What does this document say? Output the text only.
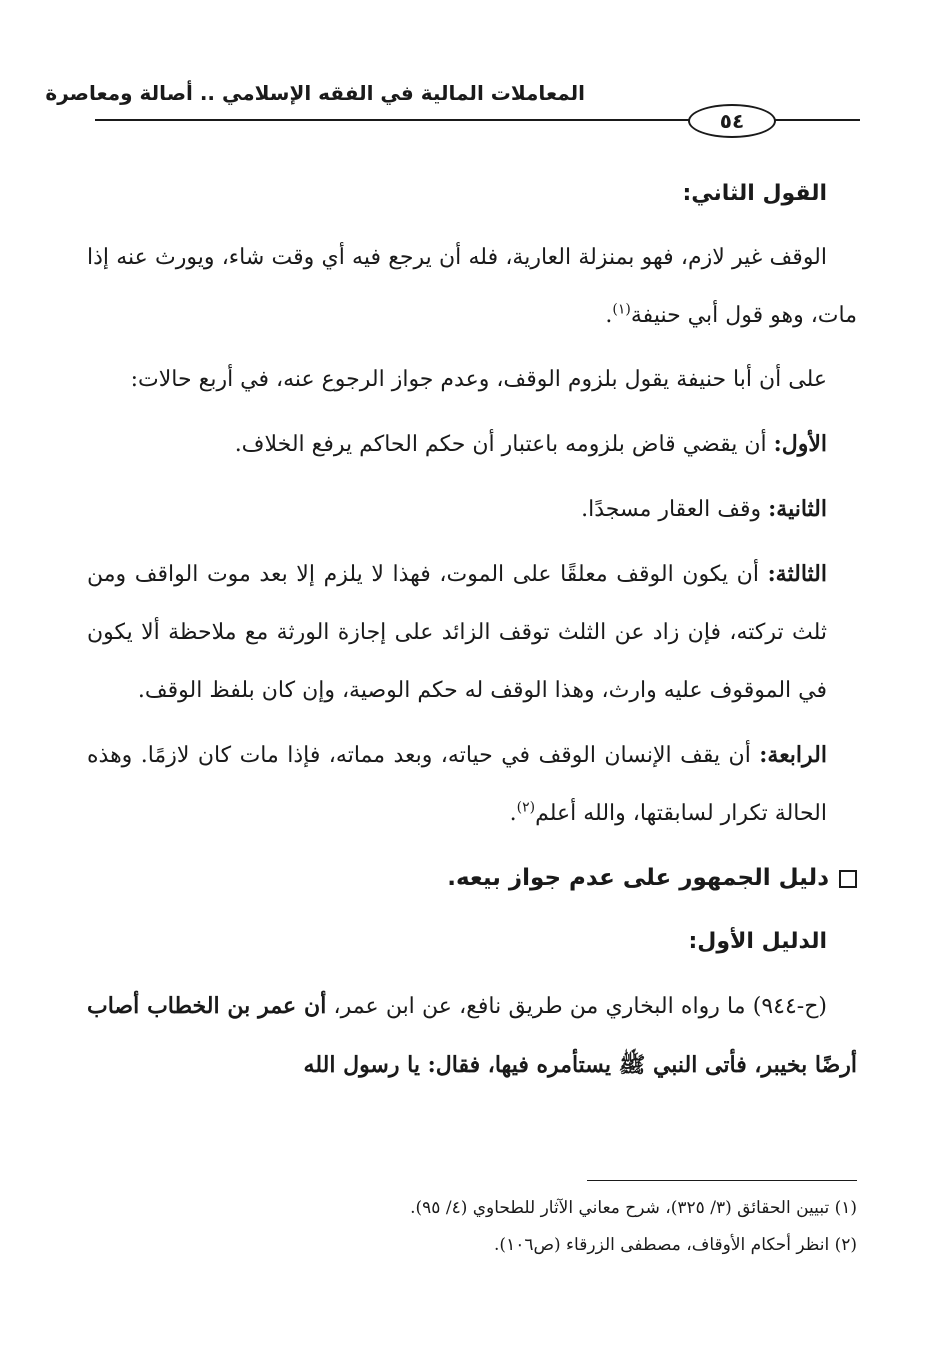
المعاملات المالية في الفقه الإسلامي .. أصالة ومعاصرة
٥٤

القول الثاني:

الوقف غير لازم، فهو بمنزلة العارية، فله أن يرجع فيه أي وقت شاء، ويورث عنه إذا مات، وهو قول أبي حنيفة$^{(١)}$.

على أن أبا حنيفة يقول بلزوم الوقف، وعدم جواز الرجوع عنه، في أربع حالات:

الأول: أن يقضي قاض بلزومه باعتبار أن حكم الحاكم يرفع الخلاف.

الثانية: وقف العقار مسجدًا.

الثالثة: أن يكون الوقف معلقًا على الموت، فهذا لا يلزم إلا بعد موت الواقف ومن ثلث تركته، فإن زاد عن الثلث توقف الزائد على إجازة الورثة مع ملاحظة ألا يكون في الموقوف عليه وارث، وهذا الوقف له حكم الوصية، وإن كان بلفظ الوقف.

الرابعة: أن يقف الإنسان الوقف في حياته، وبعد مماته، فإذا مات كان لازمًا. وهذه الحالة تكرار لسابقتها، والله أعلم$^{(٢)}$.

دليل الجمهور على عدم جواز بيعه.

الدليل الأول:

(ح-٩٤٤) ما رواه البخاري من طريق نافع، عن ابن عمر، أن عمر بن الخطاب أصاب أرضًا بخيبر، فأتى النبي ﷺ يستأمره فيها، فقال: يا رسول الله

(١) تبيين الحقائق (٣/ ٣٢٥)، شرح معاني الآثار للطحاوي (٤/ ٩٥).

(٢) انظر أحكام الأوقاف، مصطفى الزرقاء (ص١٠٦).
